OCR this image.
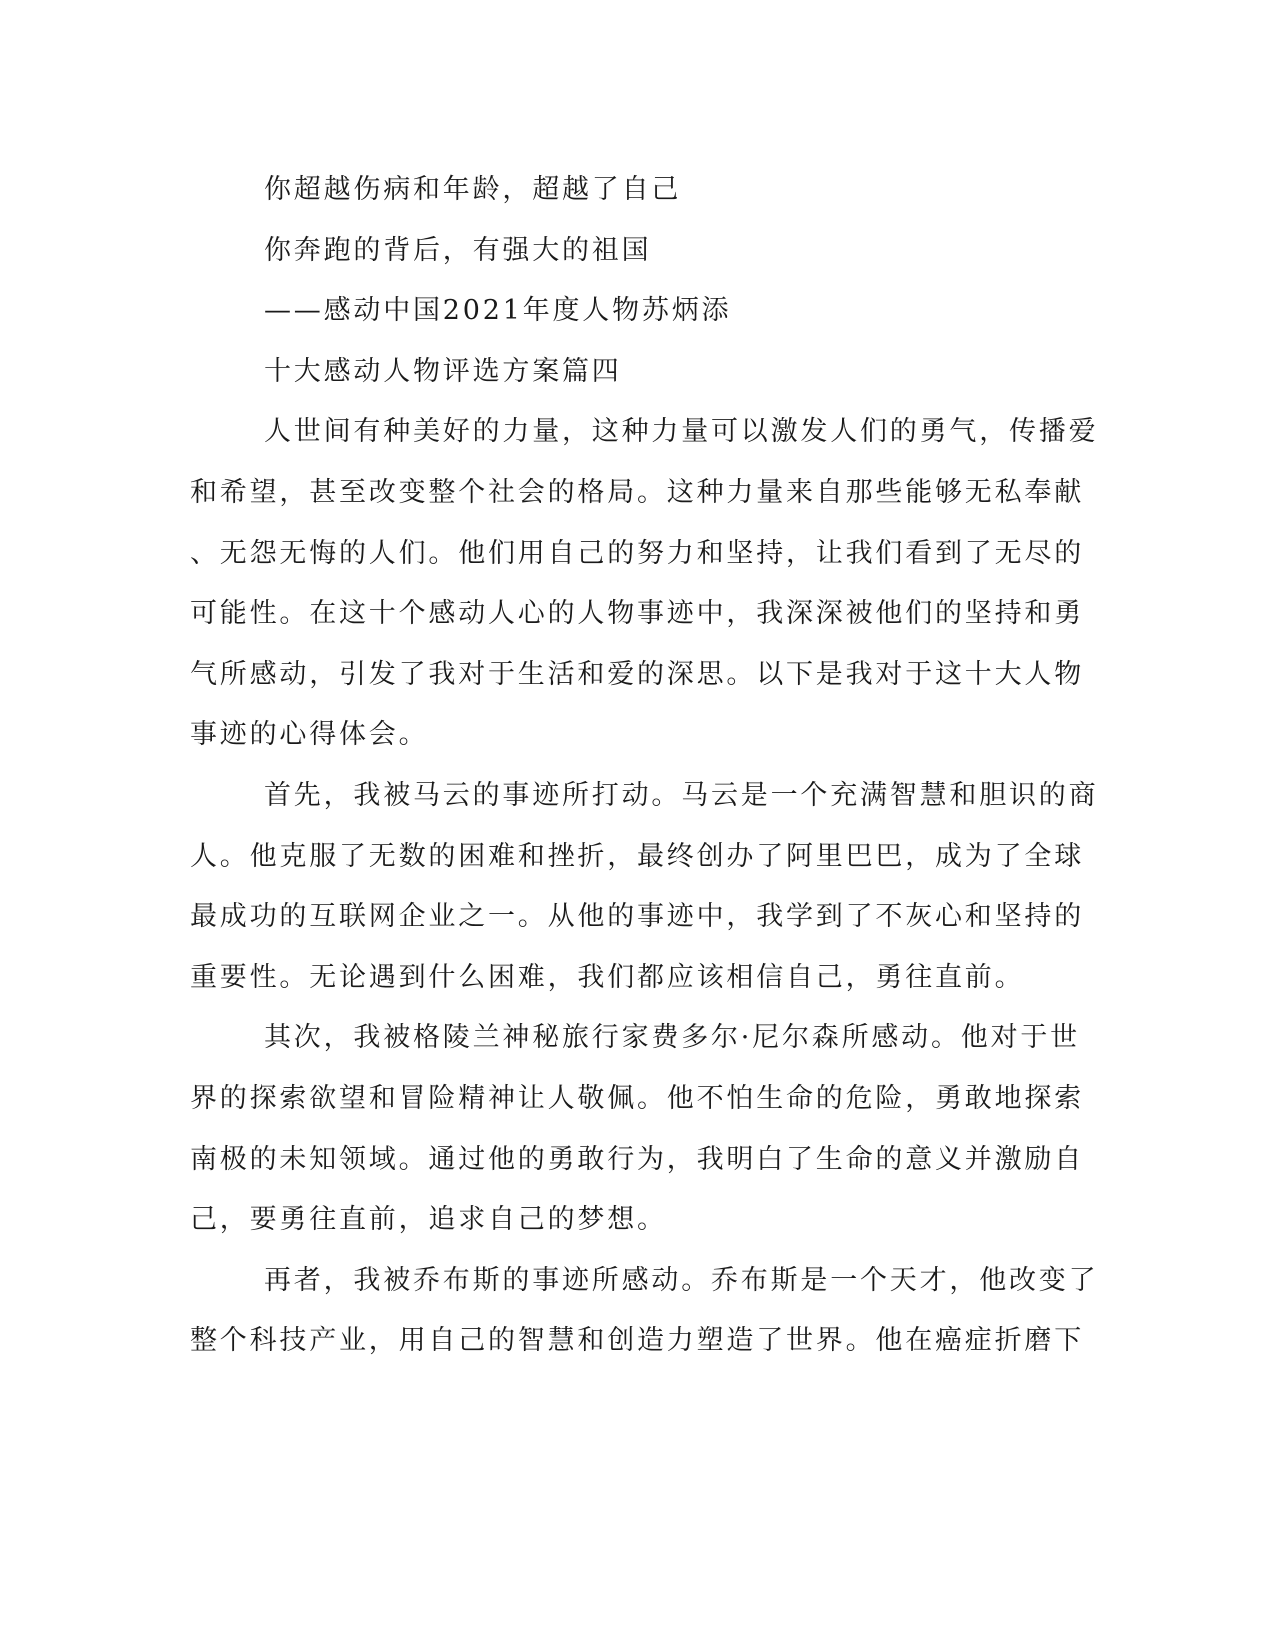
你超越伤病和年龄，超越了自己
你奔跑的背后，有强大的祖国
——感动中国2021年度人物苏炳添
十大感动人物评选方案篇四
人世间有种美好的力量，这种力量可以激发人们的勇气，传播爱
和希望，甚至改变整个社会的格局。这种力量来自那些能够无私奉献
、无怨无悔的人们。他们用自己的努力和坚持，让我们看到了无尽的
可能性。在这十个感动人心的人物事迹中，我深深被他们的坚持和勇
气所感动，引发了我对于生活和爱的深思。以下是我对于这十大人物
事迹的心得体会。
首先，我被马云的事迹所打动。马云是一个充满智慧和胆识的商
人。他克服了无数的困难和挫折，最终创办了阿里巴巴，成为了全球
最成功的互联网企业之一。从他的事迹中，我学到了不灰心和坚持的
重要性。无论遇到什么困难，我们都应该相信自己，勇往直前。
其次，我被格陵兰神秘旅行家费多尔·尼尔森所感动。他对于世
界的探索欲望和冒险精神让人敬佩。他不怕生命的危险，勇敢地探索
南极的未知领域。通过他的勇敢行为，我明白了生命的意义并激励自
己，要勇往直前，追求自己的梦想。
再者，我被乔布斯的事迹所感动。乔布斯是一个天才，他改变了
整个科技产业，用自己的智慧和创造力塑造了世界。他在癌症折磨下
